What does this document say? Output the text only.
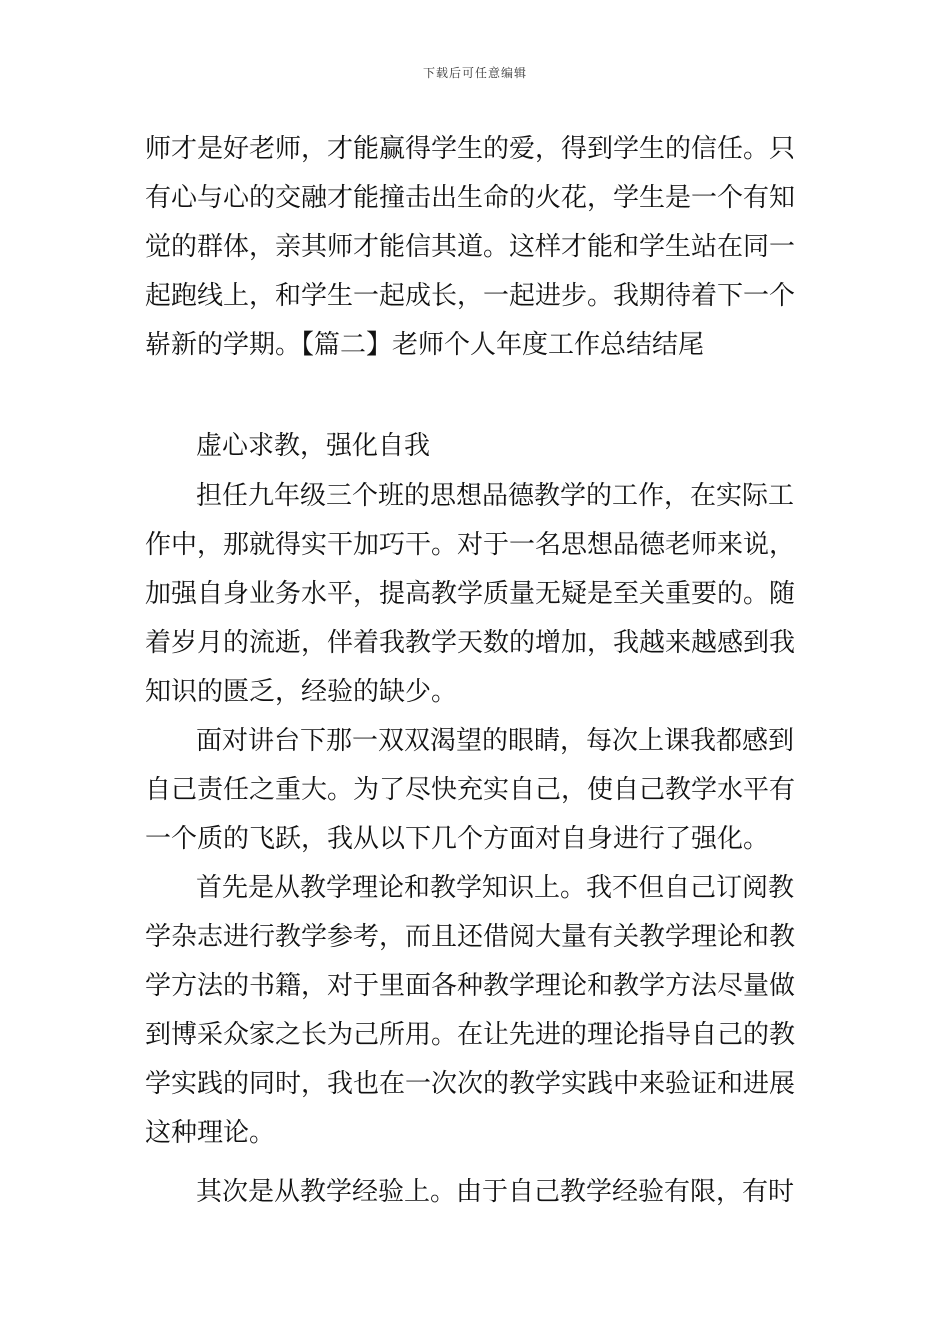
下载后可任意编辑
师才是好老师，才能赢得学生的爱，得到学生的信任。只
有心与心的交融才能撞击出生命的火花，学生是一个有知
觉的群体，亲其师才能信其道。这样才能和学生站在同一
起跑线上，和学生一起成长，一起进步。我期待着下一个
崭新的学期。【篇二】老师个人年度工作总结结尾
虚心求教，强化自我
担任九年级三个班的思想品德教学的工作，在实际工
作中，那就得实干加巧干。对于一名思想品德老师来说，
加强自身业务水平，提高教学质量无疑是至关重要的。随
着岁月的流逝，伴着我教学天数的增加，我越来越感到我
知识的匮乏，经验的缺少。
面对讲台下那一双双渴望的眼睛，每次上课我都感到
自己责任之重大。为了尽快充实自己，使自己教学水平有
一个质的飞跃，我从以下几个方面对自身进行了强化。
首先是从教学理论和教学知识上。我不但自己订阅教
学杂志进行教学参考，而且还借阅大量有关教学理论和教
学方法的书籍，对于里面各种教学理论和教学方法尽量做
到博采众家之长为己所用。在让先进的理论指导自己的教
学实践的同时，我也在一次次的教学实践中来验证和进展
这种理论。
其次是从教学经验上。由于自己教学经验有限，有时
